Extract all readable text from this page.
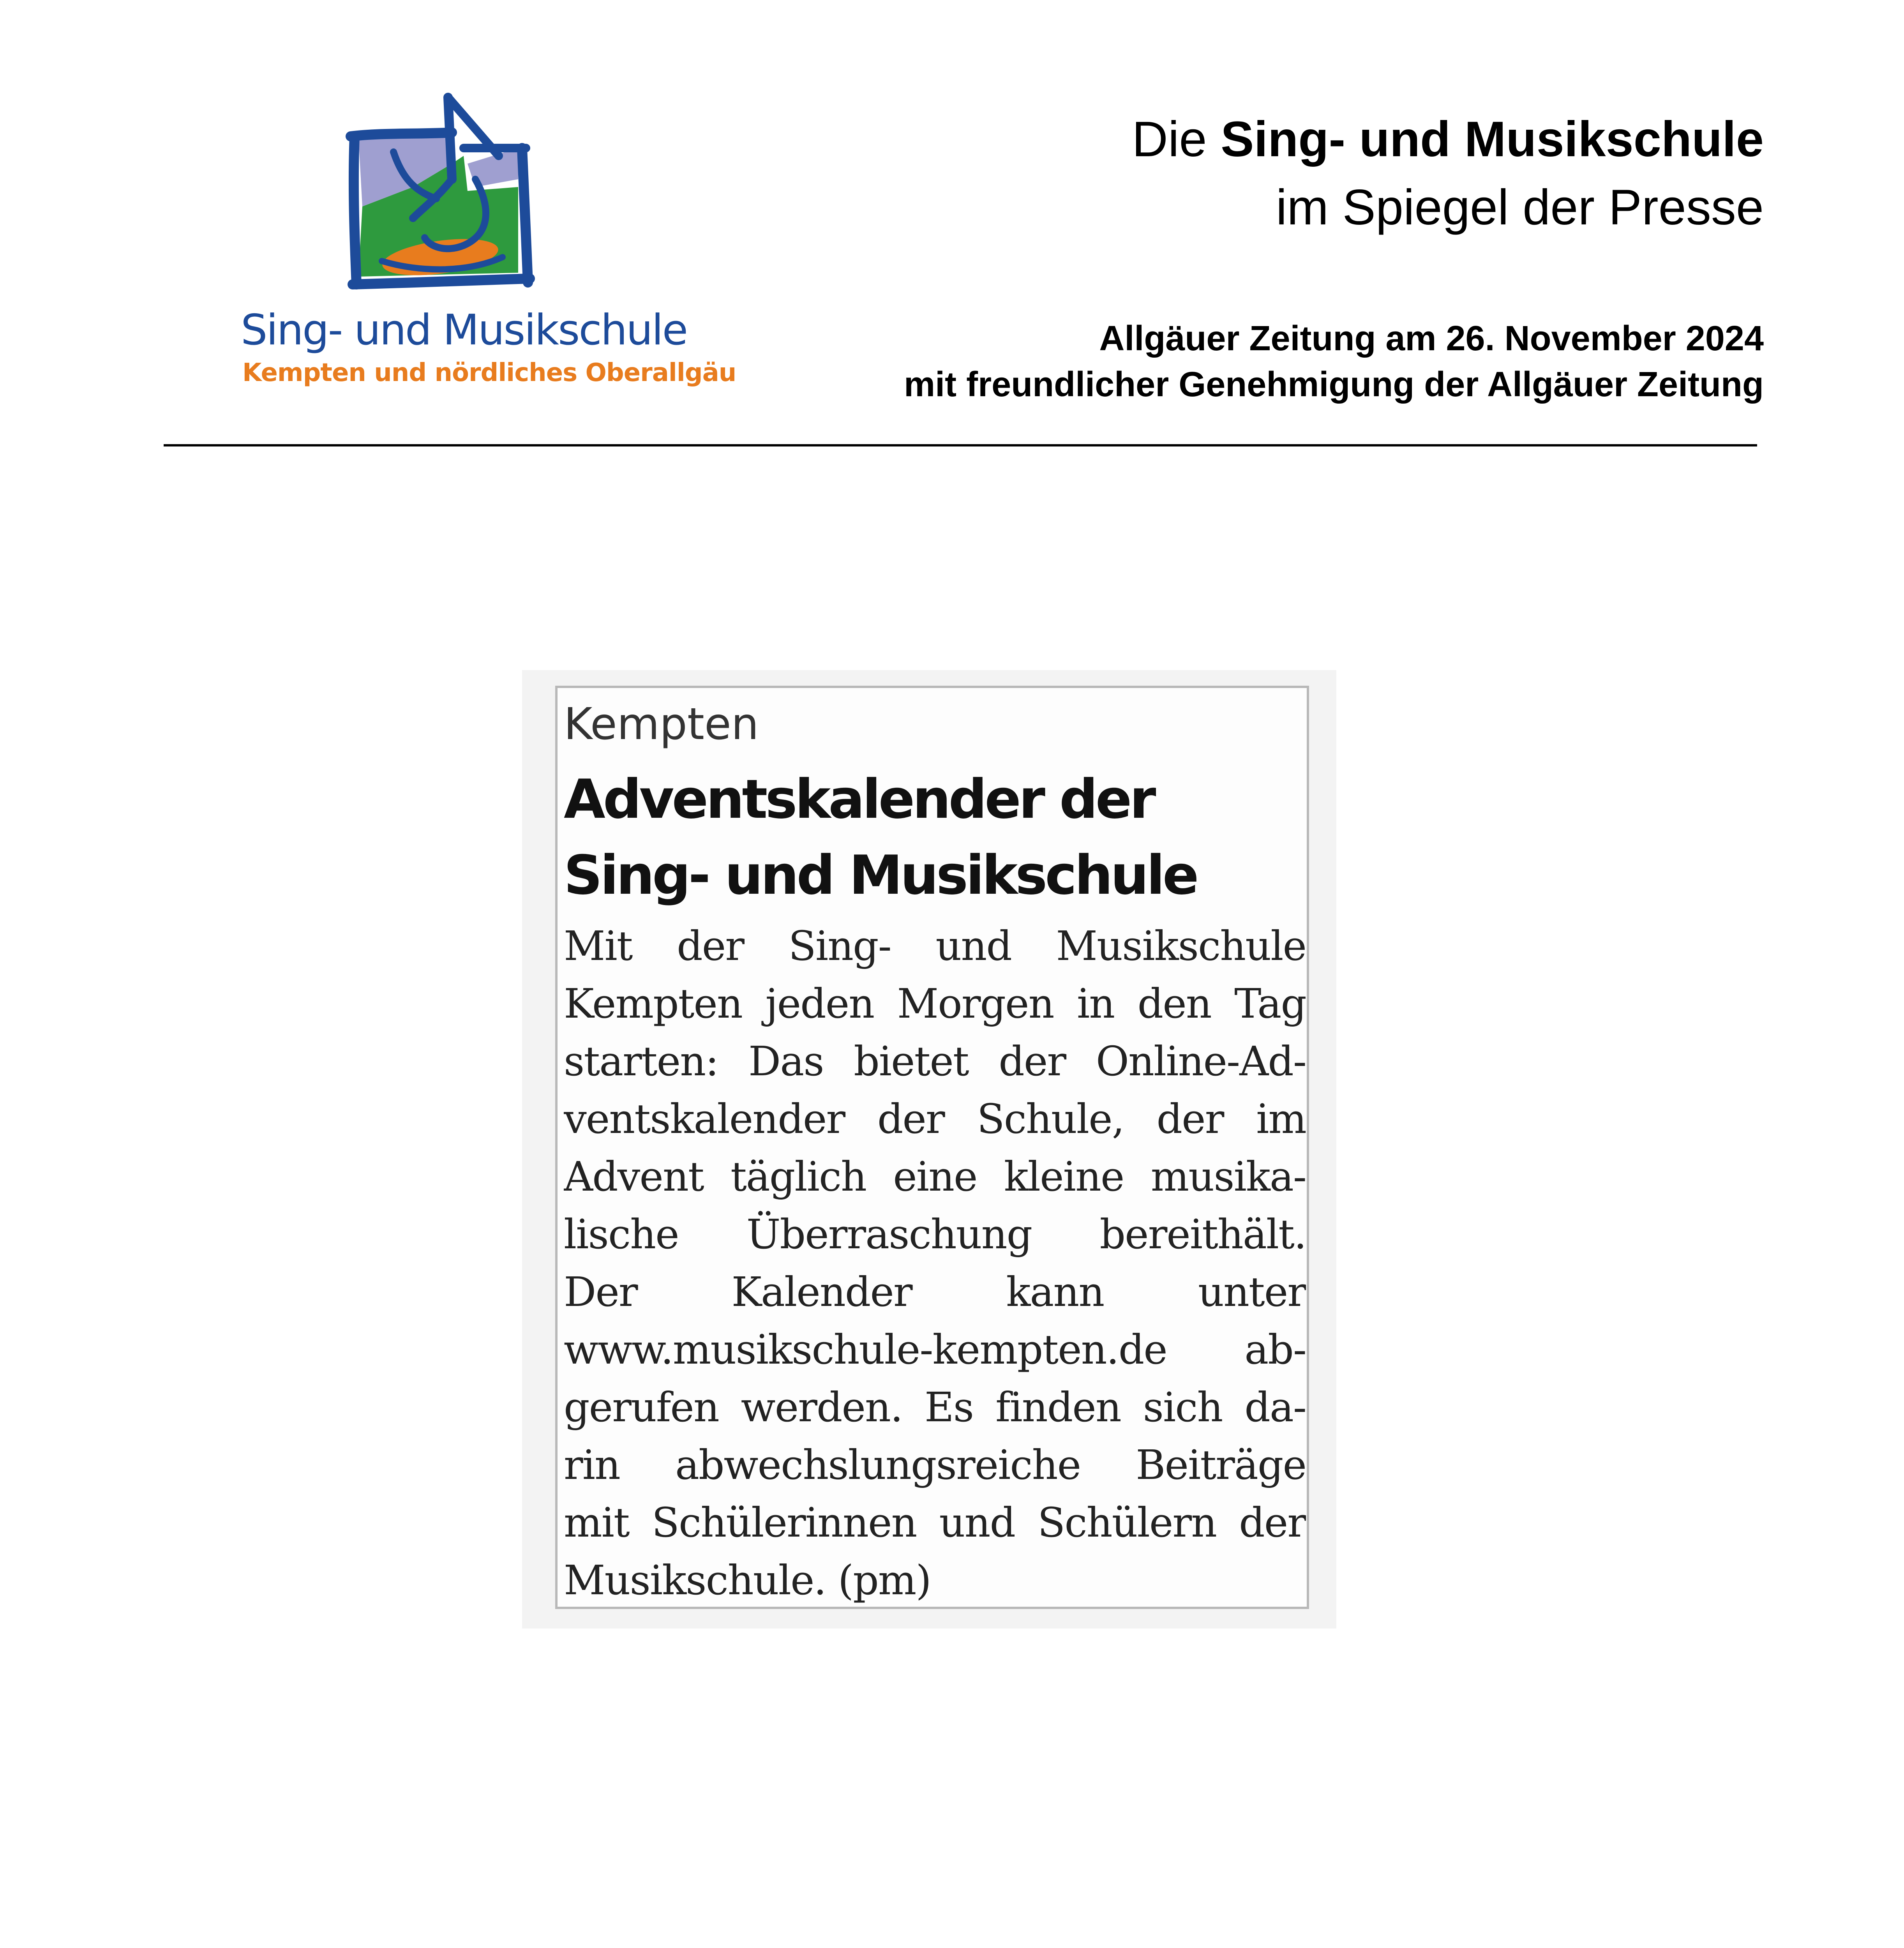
Sing- und Musikschule
Kempten und nördliches Oberallgäu
Die Sing- und Musikschule
im Spiegel der Presse
Allgäuer Zeitung am 26. November 2024
mit freundlicher Genehmigung der Allgäuer Zeitung
Kempten
Adventskalender der
Sing- und Musikschule
Mit der Sing- und Musikschule
Kempten jeden Morgen in den Tag
starten: Das bietet der Online-Ad-
ventskalender der Schule, der im
Advent täglich eine kleine musika-
lische Überraschung bereithält.
Der Kalender kann unter
www.musikschule-kempten.de ab-
gerufen werden. Es finden sich da-
rin abwechslungsreiche Beiträge
mit Schülerinnen und Schülern der
Musikschule. (pm)
